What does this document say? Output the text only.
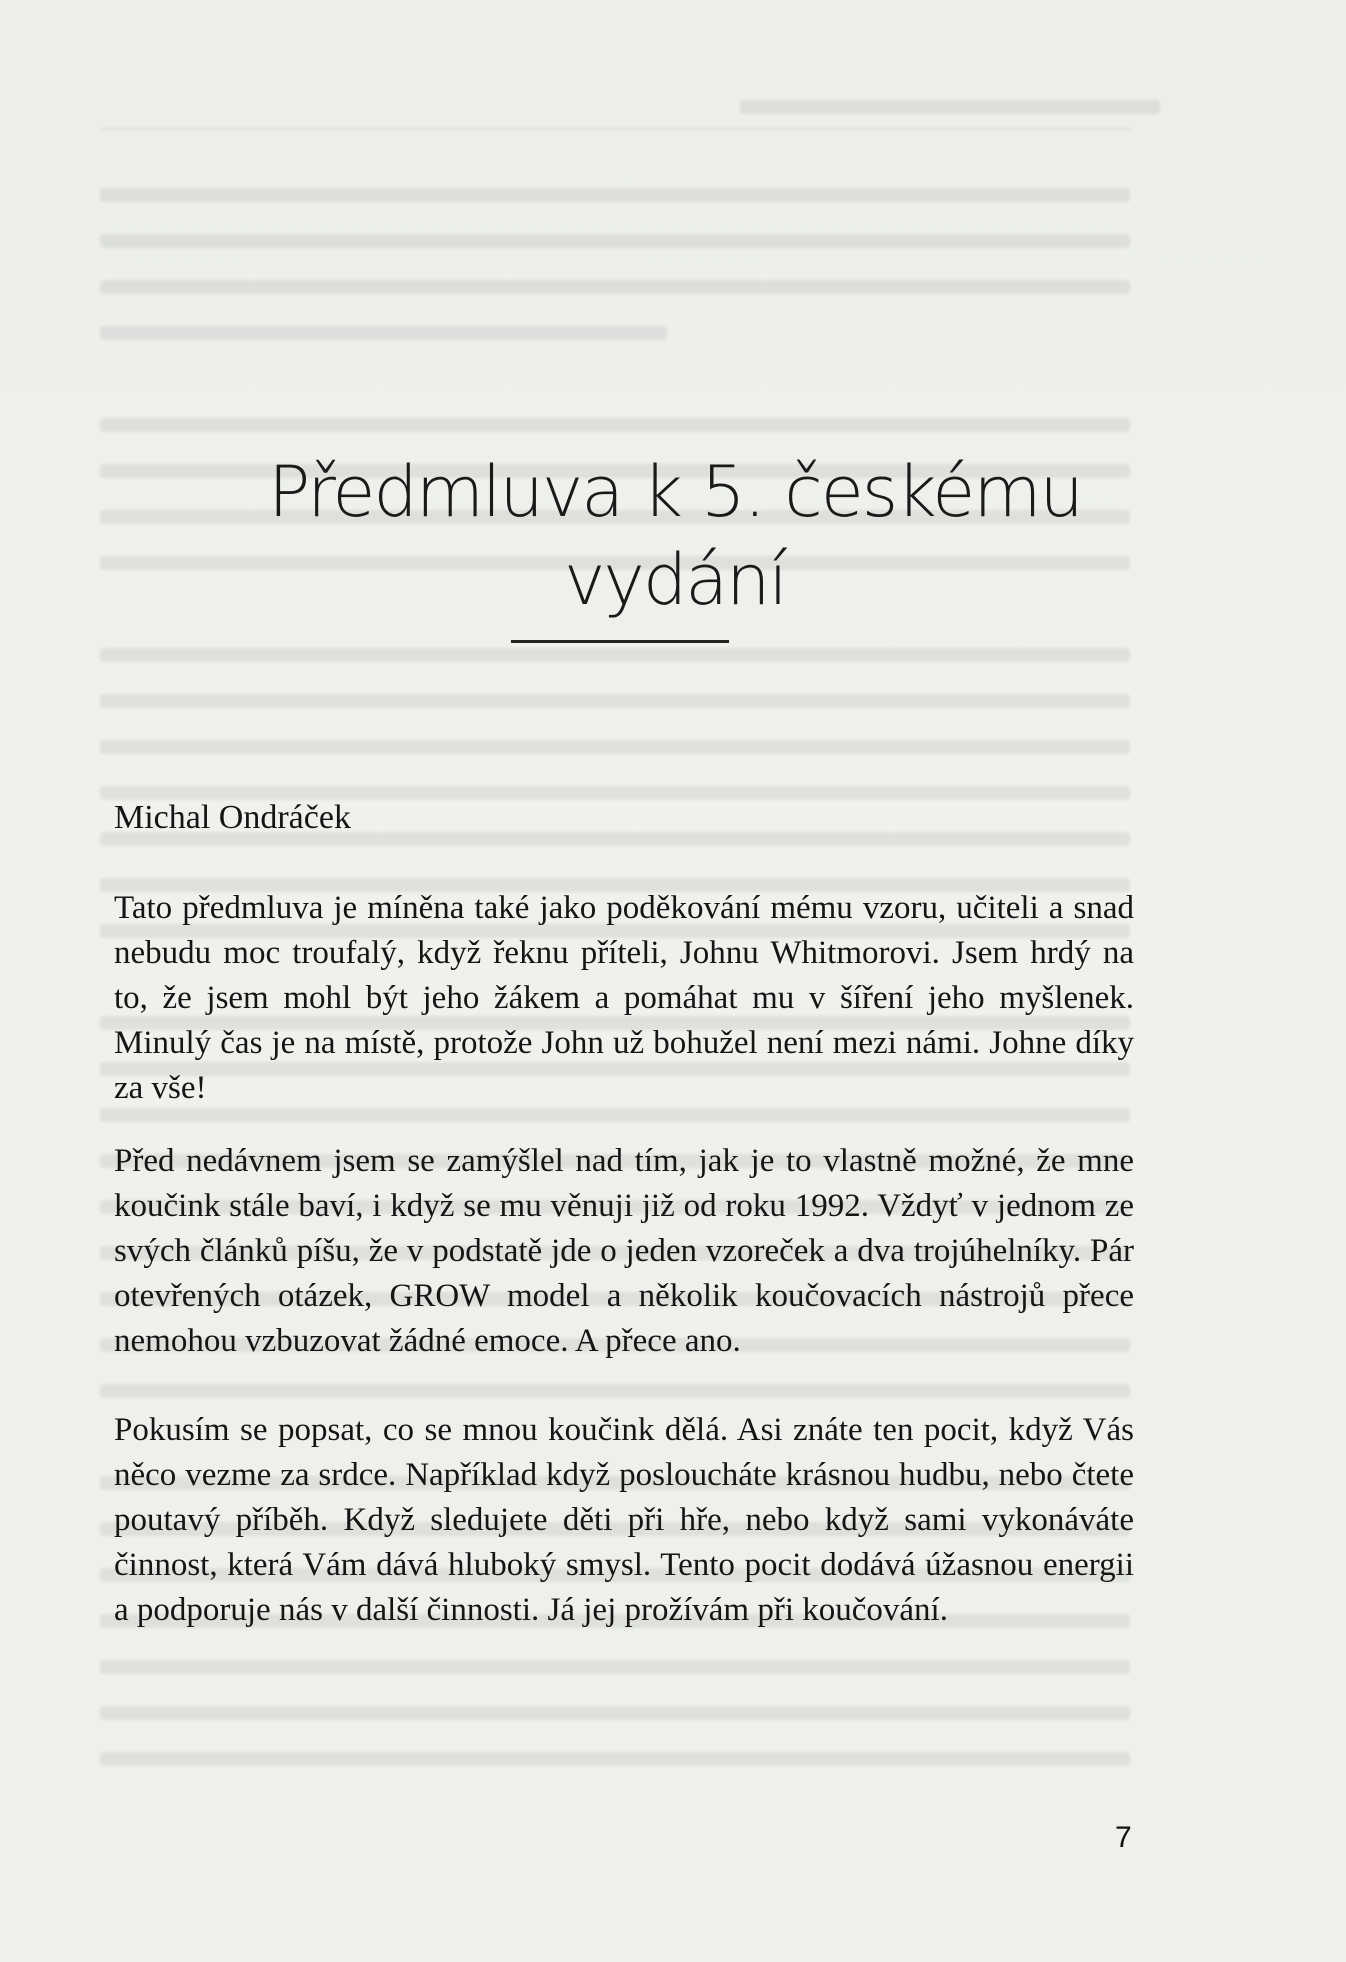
Předmluva k 5. českému vydání

Michal Ondráček

Tato předmluva je míněna také jako poděkování mému vzoru, učiteli a snad nebudu moc troufalý, když řeknu příteli, Johnu Whitmorovi. Jsem hrdý na to, že jsem mohl být jeho žákem a pomáhat mu v šíření jeho myšlenek. Minulý čas je na místě, protože John už bohužel není mezi námi. Johne díky za vše!

Před nedávnem jsem se zamýšlel nad tím, jak je to vlastně možné, že mne koučink stále baví, i když se mu věnuji již od roku 1992. Vždyť v jednom ze svých článků píšu, že v podstatě jde o jeden vzoreček a dva trojúhelníky. Pár otevřených otázek, GROW model a několik koučovacích nástrojů přece nemohou vzbuzovat žádné emoce. A přece ano.

Pokusím se popsat, co se mnou koučink dělá. Asi znáte ten pocit, když Vás něco vezme za srdce. Například když posloucháte krásnou hudbu, nebo čtete poutavý příběh. Když sledujete děti při hře, nebo když sami vykonáváte činnost, která Vám dává hluboký smysl. Tento pocit dodává úžasnou energii a podporuje nás v další činnosti. Já jej prožívám při koučování.

7
